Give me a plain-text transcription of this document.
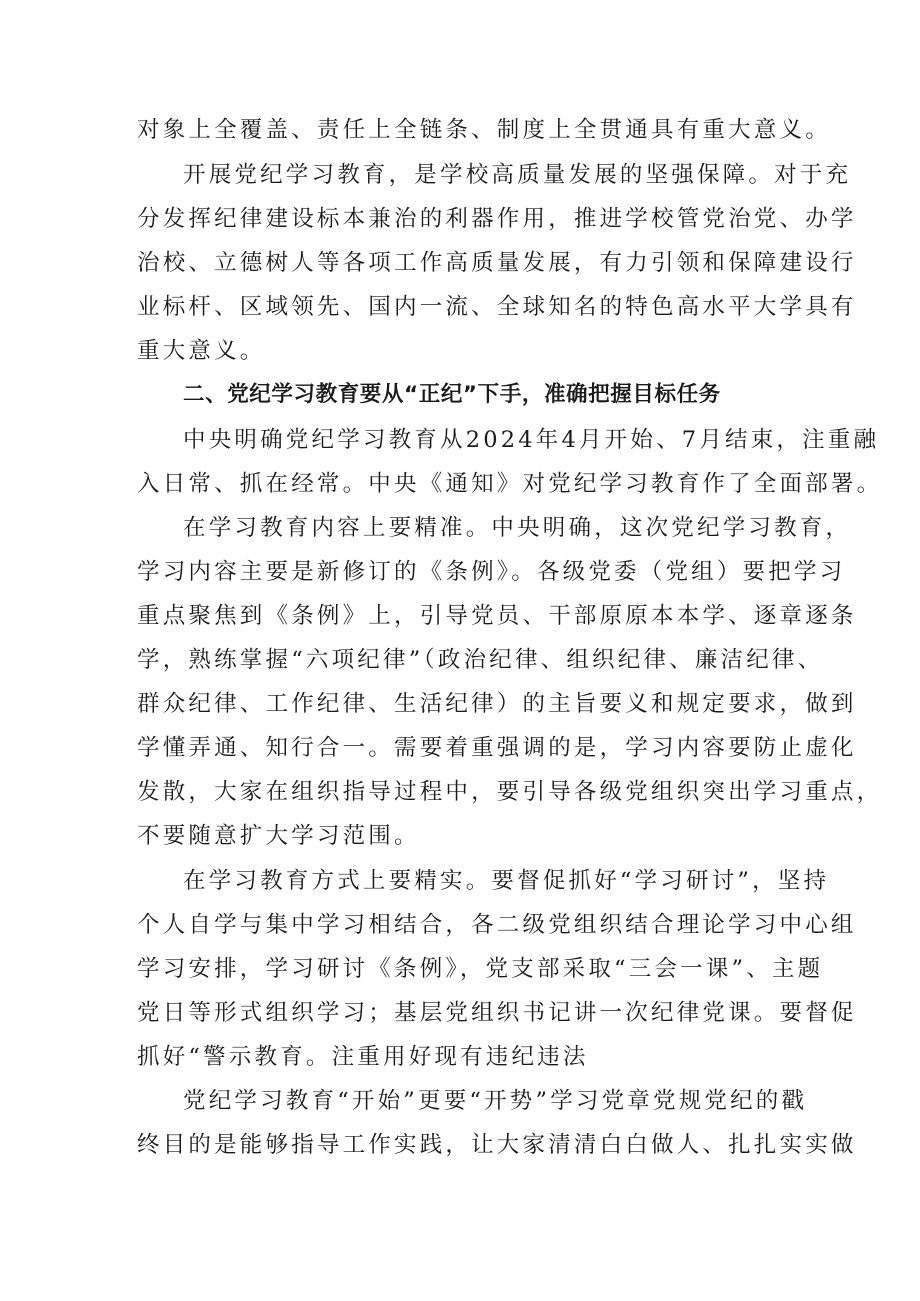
对象上全覆盖、责任上全链条、制度上全贯通具有重大意义。
开展党纪学习教育，是学校高质量发展的坚强保障。对于充
分发挥纪律建设标本兼治的利器作用，推进学校管党治党、办学
治校、立德树人等各项工作高质量发展，有力引领和保障建设行
业标杆、区域领先、国内一流、全球知名的特色高水平大学具有
重大意义。
二、党纪学习教育要从“正纪”下手，准确把握目标任务
中央明确党纪学习教育从2024年4月开始、7月结束，注重融
入日常、抓在经常。中央《通知》对党纪学习教育作了全面部署。
在学习教育内容上要精准。中央明确，这次党纪学习教育，
学习内容主要是新修订的《条例》。各级党委（党组）要把学习
重点聚焦到《条例》上，引导党员、干部原原本本学、逐章逐条
学，熟练掌握“六项纪律”（政治纪律、组织纪律、廉洁纪律、
群众纪律、工作纪律、生活纪律）的主旨要义和规定要求，做到
学懂弄通、知行合一。需要着重强调的是，学习内容要防止虚化
发散，大家在组织指导过程中，要引导各级党组织突出学习重点，
不要随意扩大学习范围。
在学习教育方式上要精实。要督促抓好“学习研讨”，坚持
个人自学与集中学习相结合，各二级党组织结合理论学习中心组
学习安排，学习研讨《条例》，党支部采取“三会一课”、主题
党日等形式组织学习；基层党组织书记讲一次纪律党课。要督促
抓好“警示教育。注重用好现有违纪违法
党纪学习教育“开始”更要“开势”学习党章党规党纪的戳
终目的是能够指导工作实践，让大家清清白白做人、扎扎实实做
